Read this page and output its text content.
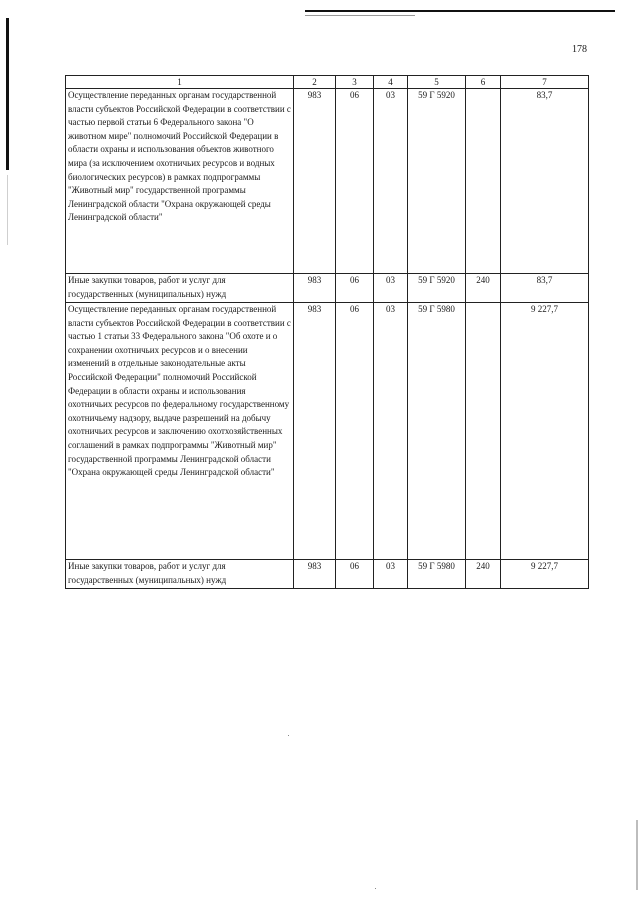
178
1	2	3	4	5	6	7
Осуществление переданных органам государственной власти субъектов Российской Федерации в соответствии с частью первой статьи 6 Федерального закона "О животном мире" полномочий Российской Федерации в области охраны и использования объектов животного мира (за исключением охотничьих ресурсов и водных биологических ресурсов) в рамках подпрограммы "Животный мир" государственной программы Ленинградской области "Охрана окружающей среды Ленинградской области"	983	06	03	59 Г 5920		83,7
Иные закупки товаров, работ и услуг для государственных (муниципальных) нужд	983	06	03	59 Г 5920	240	83,7
Осуществление переданных органам государственной власти субъектов Российской Федерации в соответствии с частью 1 статьи 33 Федерального закона "Об охоте и о сохранении охотничьих ресурсов и о внесении изменений в отдельные законодательные акты Российской Федерации" полномочий Российской Федерации в области охраны и использования охотничьих ресурсов по федеральному государственному охотничьему надзору, выдаче разрешений на добычу охотничьих ресурсов и заключению охотхозяйственных соглашений в рамках подпрограммы "Животный мир" государственной программы Ленинградской области "Охрана окружающей среды Ленинградской области"	983	06	03	59 Г 5980		9 227,7
Иные закупки товаров, работ и услуг для государственных (муниципальных) нужд	983	06	03	59 Г 5980	240	9 227,7
